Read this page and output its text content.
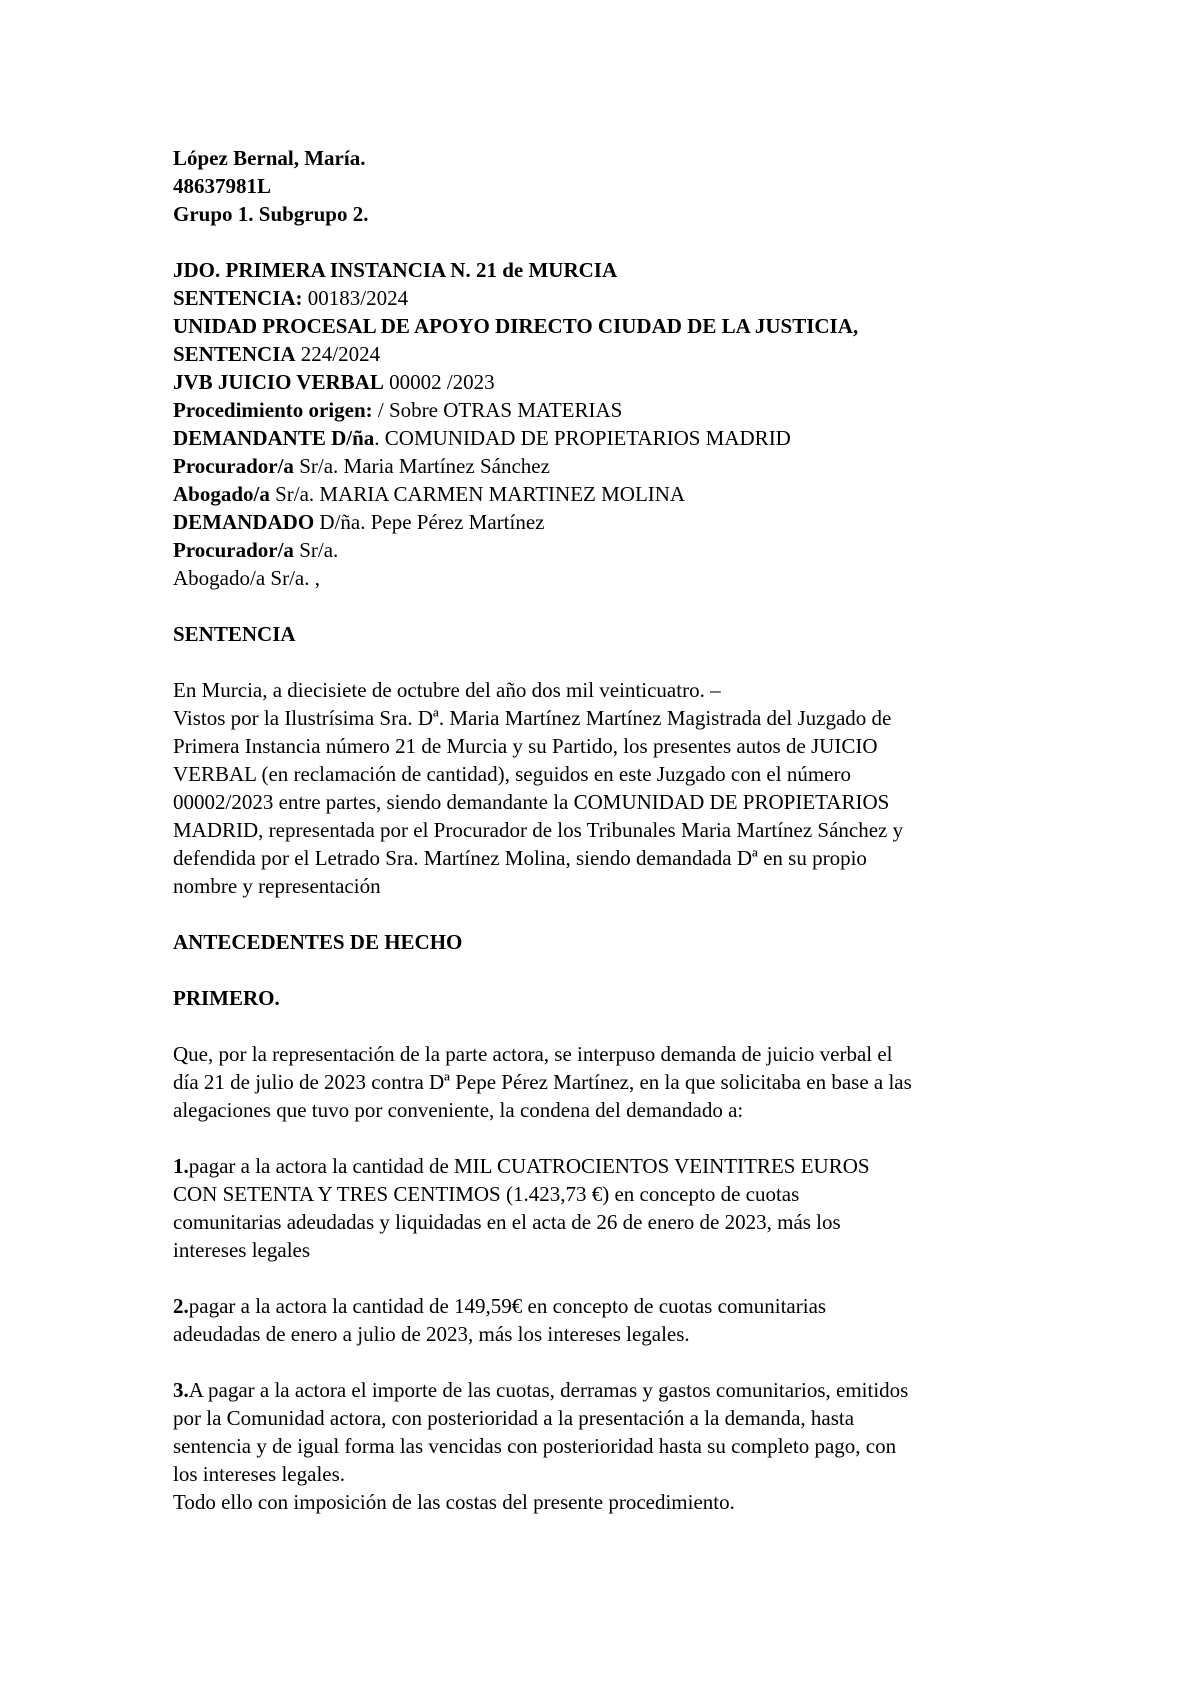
López Bernal, María.
48637981L
Grupo 1. Subgrupo 2.
JDO. PRIMERA INSTANCIA N. 21 de MURCIA
SENTENCIA: 00183/2024
UNIDAD PROCESAL DE APOYO DIRECTO CIUDAD DE LA JUSTICIA,
SENTENCIA 224/2024
JVB JUICIO VERBAL 00002 /2023
Procedimiento origen: / Sobre OTRAS MATERIAS
DEMANDANTE D/ña. COMUNIDAD DE PROPIETARIOS MADRID
Procurador/a Sr/a. Maria Martínez Sánchez
Abogado/a Sr/a. MARIA CARMEN MARTINEZ MOLINA
DEMANDADO D/ña. Pepe Pérez Martínez
Procurador/a Sr/a.
Abogado/a Sr/a. ,
SENTENCIA
En Murcia, a diecisiete de octubre del año dos mil veinticuatro. –
Vistos por la Ilustrísima Sra. Dª. Maria Martínez Martínez Magistrada del Juzgado de
Primera Instancia número 21 de Murcia y su Partido, los presentes autos de JUICIO
VERBAL (en reclamación de cantidad), seguidos en este Juzgado con el número
00002/2023 entre partes, siendo demandante la COMUNIDAD DE PROPIETARIOS
MADRID, representada por el Procurador de los Tribunales Maria Martínez Sánchez y
defendida por el Letrado Sra. Martínez Molina, siendo demandada Dª en su propio
nombre y representación
ANTECEDENTES DE HECHO
PRIMERO.
Que, por la representación de la parte actora, se interpuso demanda de juicio verbal el
día 21 de julio de 2023 contra Dª Pepe Pérez Martínez, en la que solicitaba en base a las
alegaciones que tuvo por conveniente, la condena del demandado a:
1.pagar a la actora la cantidad de MIL CUATROCIENTOS VEINTITRES EUROS
CON SETENTA Y TRES CENTIMOS (1.423,73 €) en concepto de cuotas
comunitarias adeudadas y liquidadas en el acta de 26 de enero de 2023, más los
intereses legales
2.pagar a la actora la cantidad de 149,59€ en concepto de cuotas comunitarias
adeudadas de enero a julio de 2023, más los intereses legales.
3.A pagar a la actora el importe de las cuotas, derramas y gastos comunitarios, emitidos
por la Comunidad actora, con posterioridad a la presentación a la demanda, hasta
sentencia y de igual forma las vencidas con posterioridad hasta su completo pago, con
los intereses legales.
Todo ello con imposición de las costas del presente procedimiento.
